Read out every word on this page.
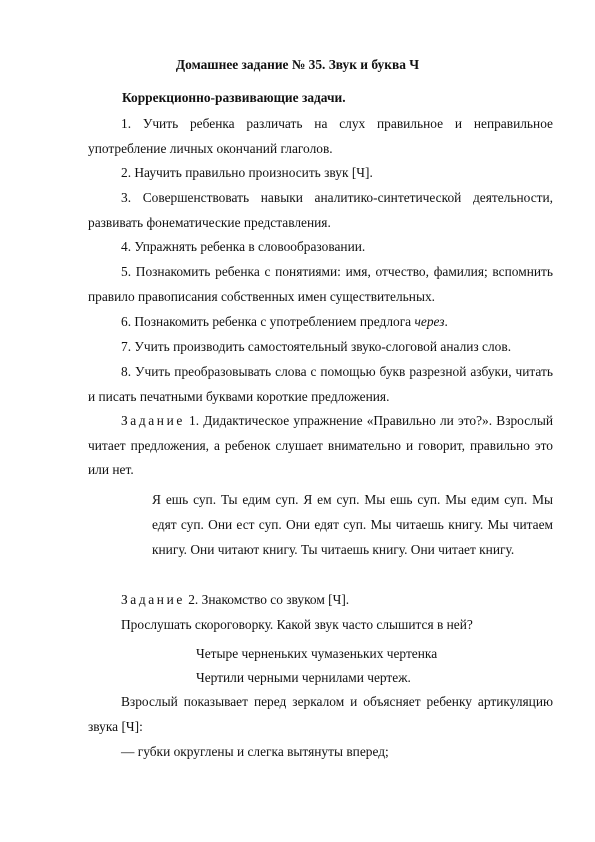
Домашнее задание № 35. Звук и буква Ч
Коррекционно-развивающие задачи.

1. Учить ребенка различать на слух правильное и неправильное употребление личных окончаний глаголов.

2. Научить правильно произносить звук [Ч].

3. Совершенствовать навыки аналитико-синтетической деятельности, развивать фонематические представления.

4. Упражнять ребенка в словообразовании.

5. Познакомить ребенка с понятиями: имя, отчество, фамилия; вспомнить правило правописания собственных имен существительных.

6. Познакомить ребенка с употреблением предлога через.

7. Учить производить самостоятельный звуко-слоговой анализ слов.

8. Учить преобразовывать слова с помощью букв разрезной азбуки, читать и писать печатными буквами короткие предложения.

Задание 1. Дидактическое упражнение «Правильно ли это?». Взрослый читает предложения, а ребенок слушает внимательно и говорит, правильно это или нет.

Я ешь суп. Ты едим суп. Я ем суп. Мы ешь суп. Мы едим суп. Мы едят суп. Они ест суп. Они едят суп. Мы читаешь книгу. Мы читаем книгу. Они читают книгу. Ты читаешь книгу. Они читает книгу.

Задание 2. Знакомство со звуком [Ч].

Прослушать скороговорку. Какой звук часто слышится в ней?

Четыре черненьких чумазеньких чертенка
Чертили черными чернилами чертеж.

Взрослый показывает перед зеркалом и объясняет ребенку артикуляцию звука [Ч]:

— губки округлены и слегка вытянуты вперед;
